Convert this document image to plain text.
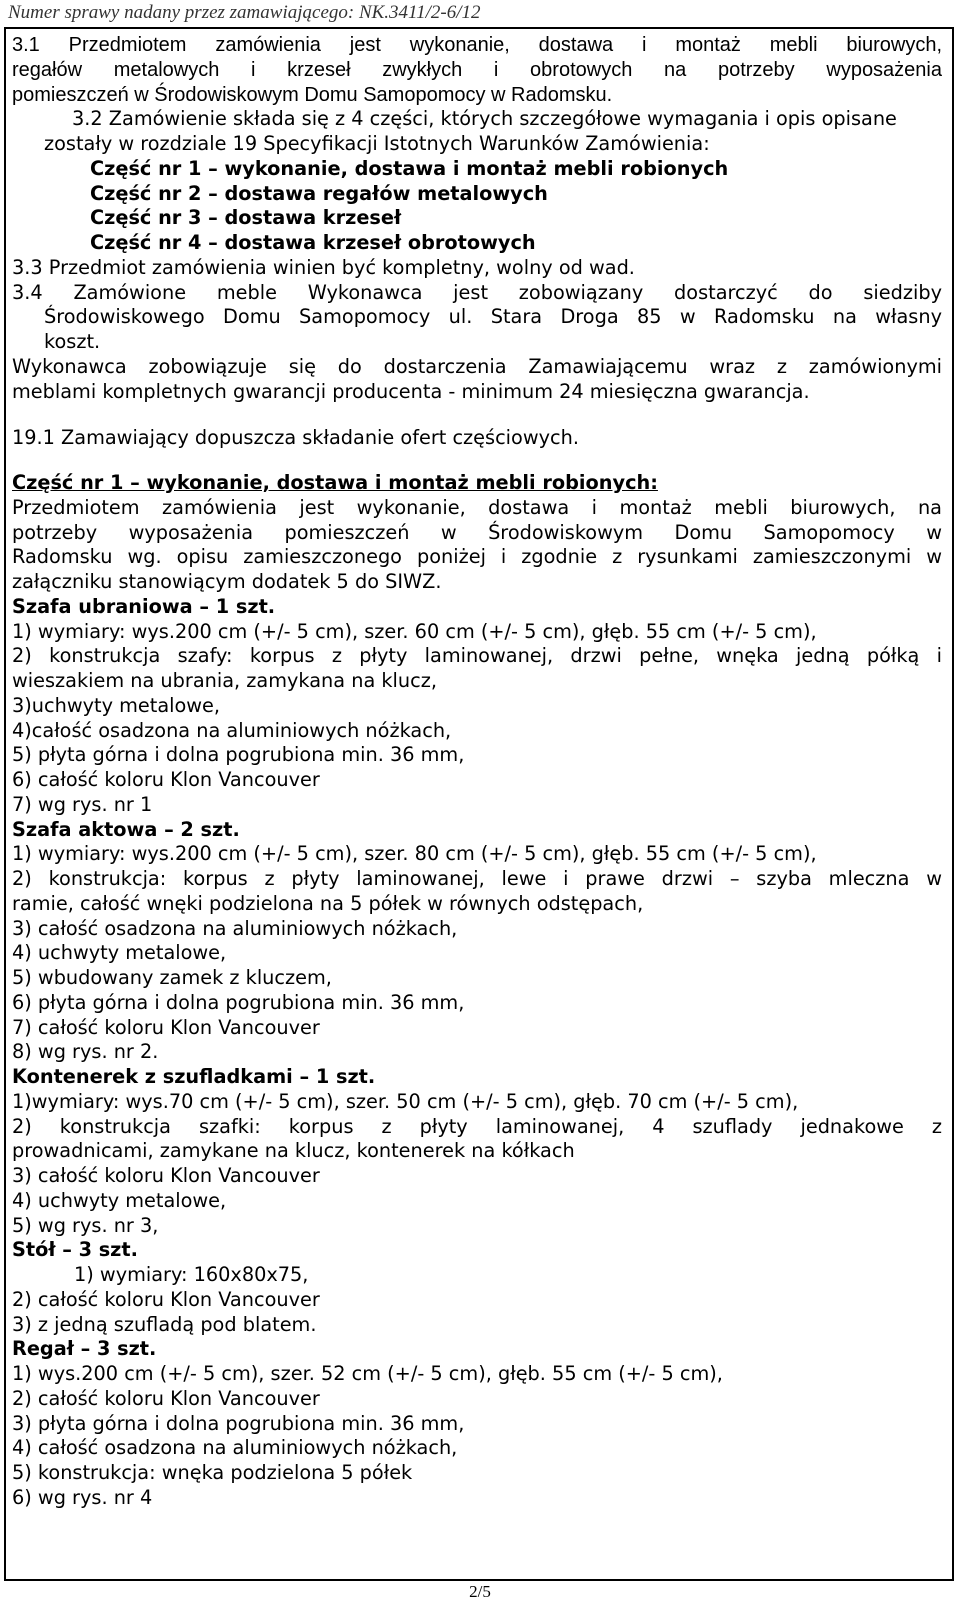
Numer sprawy nadany przez zamawiającego: NK.3411/2-6/12

3.1 Przedmiotem zamówienia jest wykonanie, dostawa i montaż mebli biurowych,

regałów metalowych i krzeseł zwykłych i obrotowych na potrzeby wyposażenia

pomieszczeń w Środowiskowym Domu Samopomocy w Radomsku.

3.2 Zamówienie składa się z 4 części, których szczegółowe wymagania i opis opisane

zostały w rozdziale 19 Specyfikacji Istotnych Warunków Zamówienia:

Część nr 1 – wykonanie, dostawa i montaż mebli robionych

Część nr 2 – dostawa regałów metalowych

Część nr 3 – dostawa krzeseł

Część nr 4 – dostawa krzeseł obrotowych

3.3 Przedmiot zamówienia winien być kompletny, wolny od wad.

3.4 Zamówione meble Wykonawca jest zobowiązany dostarczyć do siedziby

Środowiskowego Domu Samopomocy ul. Stara Droga 85 w Radomsku na własny

koszt.

Wykonawca zobowiązuje się do dostarczenia Zamawiającemu wraz z zamówionymi

meblami kompletnych gwarancji producenta - minimum 24 miesięczna gwarancja.

19.1 Zamawiający dopuszcza składanie ofert częściowych.

Część nr 1 – wykonanie, dostawa i montaż mebli robionych:

Przedmiotem zamówienia jest wykonanie, dostawa i montaż mebli biurowych, na

potrzeby wyposażenia pomieszczeń w Środowiskowym Domu Samopomocy w

Radomsku wg. opisu zamieszczonego poniżej i zgodnie z rysunkami zamieszczonymi w

załączniku stanowiącym dodatek 5 do SIWZ.

Szafa ubraniowa – 1 szt.

1) wymiary: wys.200 cm (+/- 5 cm), szer. 60 cm (+/- 5 cm), głęb. 55 cm (+/- 5 cm),

2) konstrukcja szafy: korpus z płyty laminowanej, drzwi pełne, wnęka jedną półką i

wieszakiem na ubrania, zamykana na klucz,

3)uchwyty metalowe,

4)całość osadzona na aluminiowych nóżkach,

5) płyta górna i dolna pogrubiona min. 36 mm,

6) całość koloru Klon Vancouver

7) wg rys. nr 1

Szafa aktowa – 2 szt.

1) wymiary: wys.200 cm (+/- 5 cm), szer. 80 cm (+/- 5 cm), głęb. 55 cm (+/- 5 cm),

2) konstrukcja: korpus z płyty laminowanej, lewe i prawe drzwi – szyba mleczna w

ramie, całość wnęki podzielona na 5 półek w równych odstępach,

3) całość osadzona na aluminiowych nóżkach,

4) uchwyty metalowe,

5) wbudowany zamek z kluczem,

6) płyta górna i dolna pogrubiona min. 36 mm,

7) całość koloru Klon Vancouver

8) wg rys. nr 2.

Kontenerek z szufladkami – 1 szt.

1)wymiary: wys.70 cm (+/- 5 cm), szer. 50 cm (+/- 5 cm), głęb. 70 cm (+/- 5 cm),

2) konstrukcja szafki: korpus z płyty laminowanej, 4 szuflady jednakowe z

prowadnicami, zamykane na klucz, kontenerek na kółkach

3) całość koloru Klon Vancouver

4) uchwyty metalowe,

5) wg rys. nr 3,

Stół – 3 szt.

1) wymiary: 160x80x75,

2) całość koloru Klon Vancouver

3) z jedną szufladą pod blatem.

Regał – 3 szt.

1) wys.200 cm (+/- 5 cm), szer. 52 cm (+/- 5 cm), głęb. 55 cm (+/- 5 cm),

2) całość koloru Klon Vancouver

3) płyta górna i dolna pogrubiona min. 36 mm,

4) całość osadzona na aluminiowych nóżkach,

5) konstrukcja: wnęka podzielona 5 półek

6) wg rys. nr 4

2/5
